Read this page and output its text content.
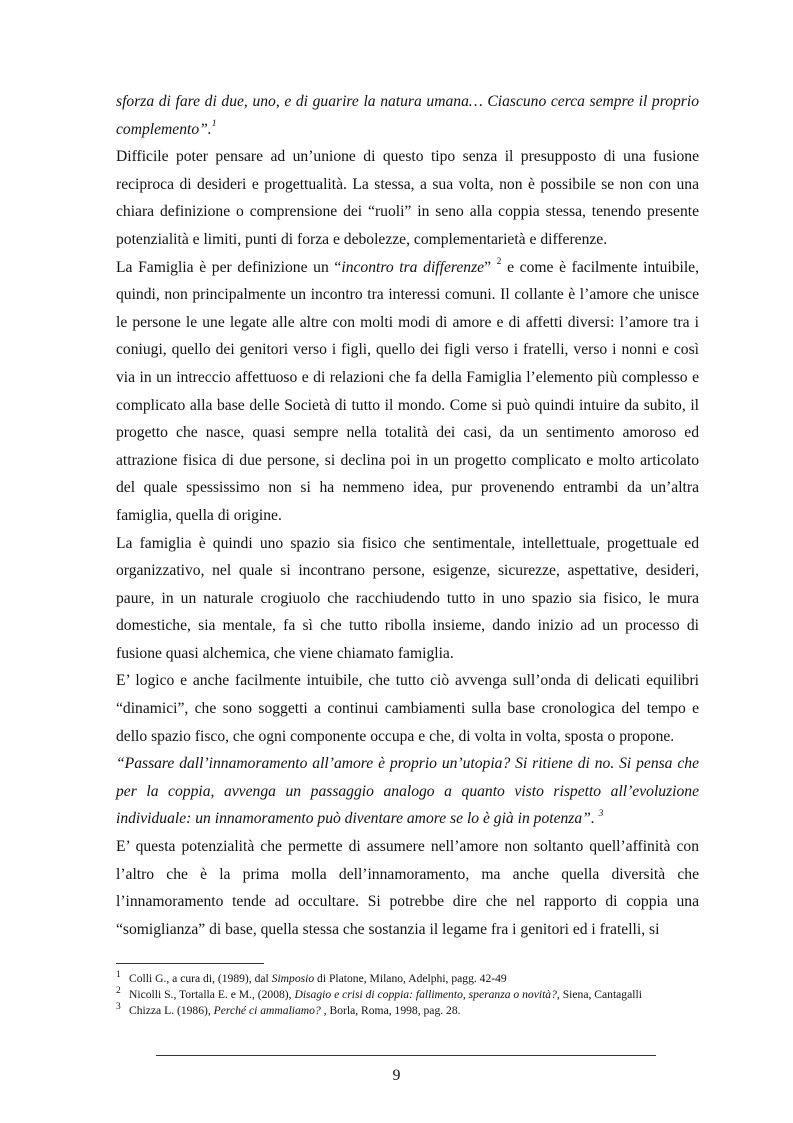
sforza di fare di due, uno, e di guarire la natura umana… Ciascuno cerca sempre il proprio complemento”.$^1$

Difficile poter pensare ad un’unione di questo tipo senza il presupposto di una fusione reciproca di desideri e progettualità. La stessa, a sua volta, non è possibile se non con una chiara definizione o comprensione dei “ruoli” in seno alla coppia stessa, tenendo presente potenzialità e limiti, punti di forza e debolezze, complementarietà e differenze.

La Famiglia è per definizione un “incontro tra differenze” $^2$ e come è facilmente intuibile, quindi, non principalmente un incontro tra interessi comuni. Il collante è l’amore che unisce le persone le une legate alle altre con molti modi di amore e di affetti diversi: l’amore tra i coniugi, quello dei genitori verso i figli, quello dei figli verso i fratelli, verso i nonni e così via in un intreccio affettuoso e di relazioni che fa della Famiglia l’elemento più complesso e complicato alla base delle Società di tutto il mondo. Come si può quindi intuire da subito, il progetto che nasce, quasi sempre nella totalità dei casi, da un sentimento amoroso ed attrazione fisica di due persone, si declina poi in un progetto complicato e molto articolato del quale spessissimo non si ha nemmeno idea, pur provenendo entrambi da un’altra famiglia, quella di origine.

La famiglia è quindi uno spazio sia fisico che sentimentale, intellettuale, progettuale ed organizzativo, nel quale si incontrano persone, esigenze, sicurezze, aspettative, desideri, paure, in un naturale crogiuolo che racchiudendo tutto in uno spazio sia fisico, le mura domestiche, sia mentale, fa sì che tutto ribolla insieme, dando inizio ad un processo di fusione quasi alchemica, che viene chiamato famiglia.

E’ logico e anche facilmente intuibile, che tutto ciò avvenga sull’onda di delicati equilibri “dinamici”, che sono soggetti a continui cambiamenti sulla base cronologica del tempo e dello spazio fisco, che ogni componente occupa e che, di volta in volta, sposta o propone.

“Passare dall’innamoramento all’amore è proprio un’utopia? Si ritiene di no. Si pensa che per la coppia, avvenga un passaggio analogo a quanto visto rispetto all’evoluzione individuale: un innamoramento può diventare amore se lo è già in potenza”. $^3$

E’ questa potenzialità che permette di assumere nell’amore non soltanto quell’affinità con l’altro che è la prima molla dell’innamoramento, ma anche quella diversità che l’innamoramento tende ad occultare. Si potrebbe dire che nel rapporto di coppia una “somiglianza” di base, quella stessa che sostanzia il legame fra i genitori ed i fratelli, si

1 Colli G., a cura di, (1989), dal Simposio di Platone, Milano, Adelphi, pagg. 42-49
2 Nicolli S., Tortalla E. e M., (2008), Disagio e crisi di coppia: fallimento, speranza o novità?, Siena, Cantagalli
3 Chizza L. (1986), Perché ci ammaliamo? , Borla, Roma, 1998, pag. 28.
9
